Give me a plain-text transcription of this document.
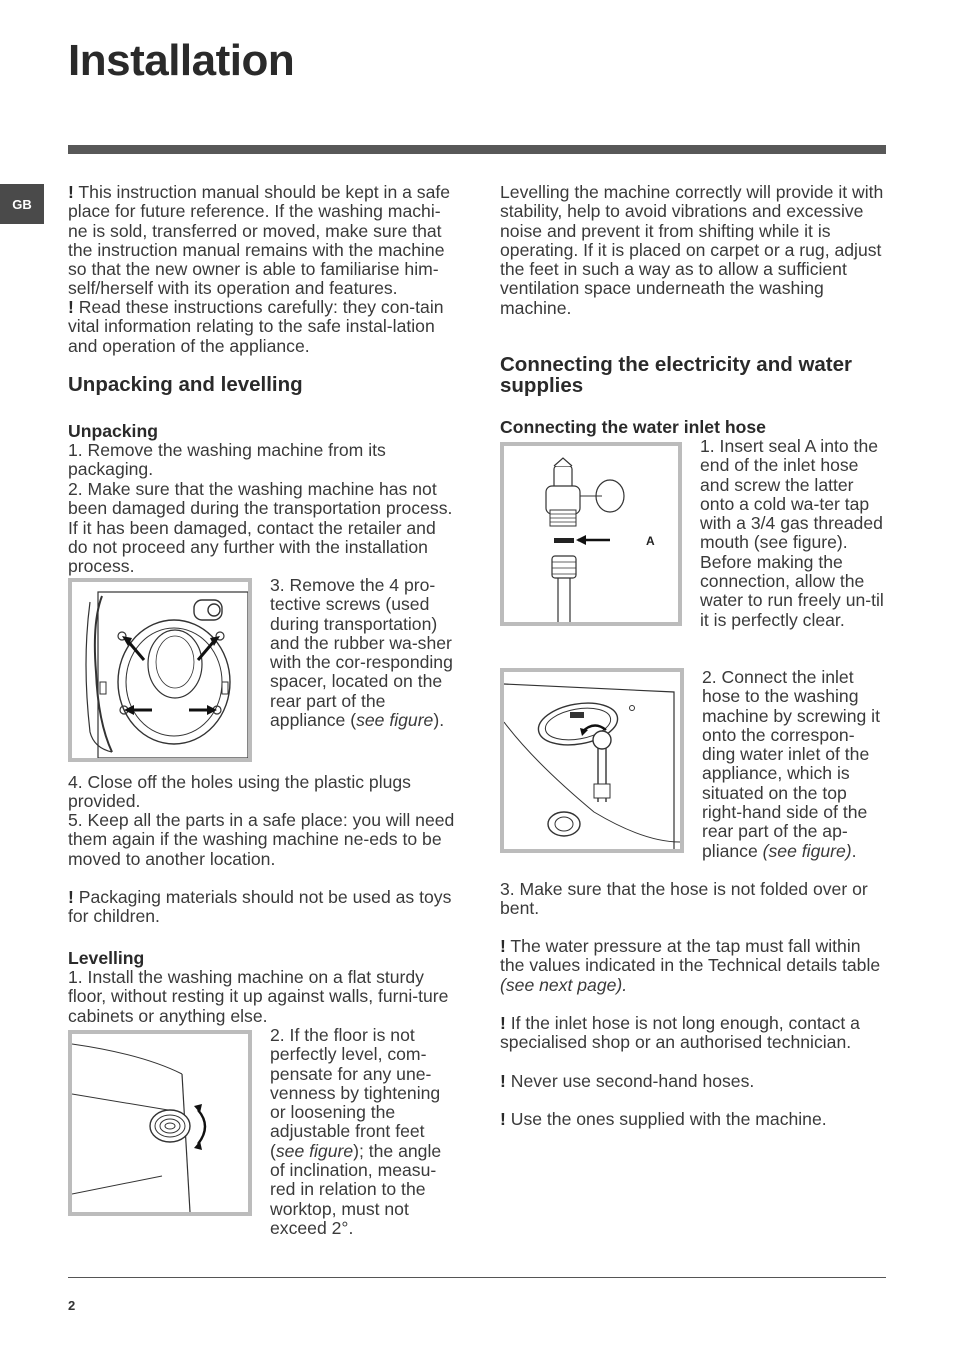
Installation
GB
! This instruction manual should be kept in a safe place for future reference. If the washing machi-ne is sold, transferred or moved, make sure that the instruction manual remains with the machine so that the new owner is able to familiarise him-self/herself with its operation and features.
! Read these instructions carefully: they con-tain vital information relating to the safe instal-lation and operation of the appliance.
Unpacking and levelling
Unpacking
1. Remove the washing machine from its packaging.
2. Make sure that the washing machine has not been damaged during the transportation process. If it has been damaged, contact the retailer and do not proceed any further with the installation process.
3. Remove the 4 pro-tective screws (used during transportation) and the rubber wa-sher with the cor-responding spacer, located on the rear part of the appliance (see figure).
4. Close off the holes using the plastic plugs provided.
5. Keep all the parts in a safe place: you will need them again if the washing machine ne-eds to be moved to another location.
! Packaging materials should not be used as toys for children.
Levelling
1. Install the washing machine on a flat sturdy floor, without resting it up against walls, furni-ture cabinets or anything else.
2. If the floor is not perfectly level, com-pensate for any une-venness by tightening or loosening the adjustable front feet (see figure); the angle of inclination, measu-red in relation to the worktop, must not exceed 2°.
Levelling the machine correctly will provide it with stability, help to avoid vibrations and excessive noise and prevent it from shifting while it is operating. If it is placed on carpet or a rug, adjust the feet in such a way as to allow a sufficient ventilation space underneath the washing machine.
Connecting the electricity and water supplies
Connecting the water inlet hose
A
1. Insert seal A into the end of the inlet hose and screw the latter onto a cold wa-ter tap with a 3/4 gas threaded mouth (see figure).
Before making the connection, allow the water to run freely un-til it is perfectly clear.
2. Connect the inlet hose to the washing machine by screwing it onto the correspon-ding water inlet of the appliance, which is situated on the top right-hand side of the rear part of the ap-pliance (see figure).
3. Make sure that the hose is not folded over or bent.
! The water pressure at the tap must fall within the values indicated in the Technical details table (see next page).
! If the inlet hose is not long enough, contact a specialised shop or an authorised technician.
! Never use second-hand hoses.
! Use the ones supplied with the machine.
2
